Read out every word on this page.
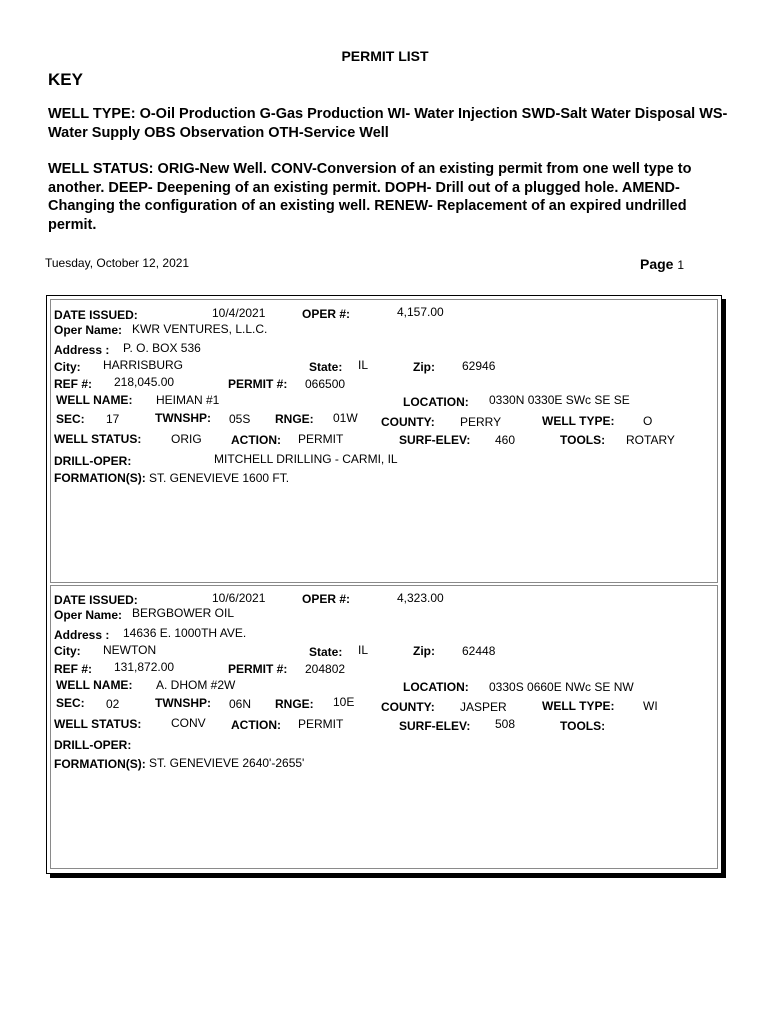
PERMIT LIST
KEY
WELL TYPE: O-Oil Production G-Gas Production WI- Water Injection SWD-Salt Water Disposal WS-Water Supply OBS Observation OTH-Service Well
WELL STATUS: ORIG-New Well. CONV-Conversion of an existing permit from one well type to another. DEEP- Deepening of an existing permit. DOPH- Drill out of a plugged hole. AMEND-Changing the configuration of an existing well. RENEW- Replacement of an expired undrilled permit.
Tuesday, October 12, 2021	Page 1
DATE ISSUED:	10/4/2021	OPER #:	4,157.00
Oper Name: KWR VENTURES, L.L.C.
Address : P. O. BOX 536
City: HARRISBURG	State: IL	Zip: 62946
REF #: 218,045.00	PERMIT #: 066500
WELL NAME: HEIMAN #1	LOCATION: 0330N 0330E SWc SE SE
SEC: 17	TWNSHP: 05S RNGE: 01W COUNTY: PERRY	WELL TYPE: O
WELL STATUS: ORIG ACTION: PERMIT	SURF-ELEV: 460	TOOLS: ROTARY
DRILL-OPER:	MITCHELL DRILLING - CARMI, IL
FORMATION(S): ST. GENEVIEVE 1600 FT.
DATE ISSUED:	10/6/2021	OPER #:	4,323.00
Oper Name: BERGBOWER OIL
Address : 14636 E. 1000TH AVE.
City: NEWTON	State: IL	Zip: 62448
REF #: 131,872.00	PERMIT #: 204802
WELL NAME: A. DHOM #2W	LOCATION: 0330S 0660E NWc SE NW
SEC: 02	TWNSHP: 06N RNGE: 10E COUNTY: JASPER	WELL TYPE: WI
WELL STATUS: CONV ACTION: PERMIT	SURF-ELEV: 508	TOOLS:
DRILL-OPER:
FORMATION(S): ST. GENEVIEVE 2640'-2655'
